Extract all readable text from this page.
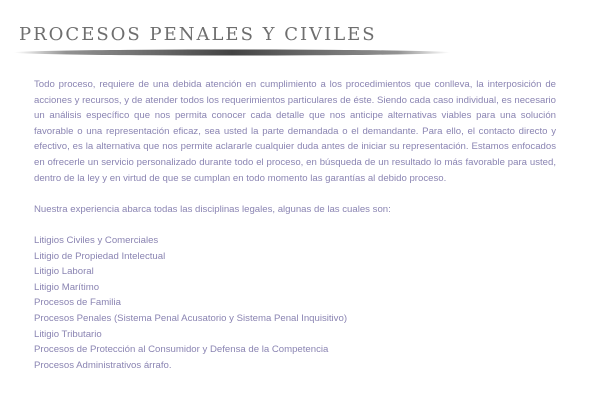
PROCESOS PENALES Y CIVILES

Todo proceso, requiere de una debida atención en cumplimiento a los procedimientos que conlleva, la interposición de acciones y recursos, y de atender todos los requerimientos particulares de éste. Siendo cada caso individual, es necesario un análisis específico que nos permita conocer cada detalle que nos anticipe alternativas viables para una solución favorable o una representación eficaz, sea usted la parte demandada o el demandante. Para ello, el contacto directo y efectivo, es la alternativa que nos permite aclararle cualquier duda antes de iniciar su representación. Estamos enfocados en ofrecerle un servicio personalizado durante todo el proceso, en búsqueda de un resultado lo más favorable para usted, dentro de la ley y en virtud de que se cumplan en todo momento las garantías al debido proceso.

Nuestra experiencia abarca todas las disciplinas legales, algunas de las cuales son:

Litigios Civiles y Comerciales
Litigio de Propiedad Intelectual
Litigio Laboral
Litigio Marítimo
Procesos de Familia
Procesos Penales (Sistema Penal Acusatorio y Sistema Penal Inquisitivo)
Litigio Tributario
Procesos de Protección al Consumidor y Defensa de la Competencia
Procesos Administrativos árrafo.
